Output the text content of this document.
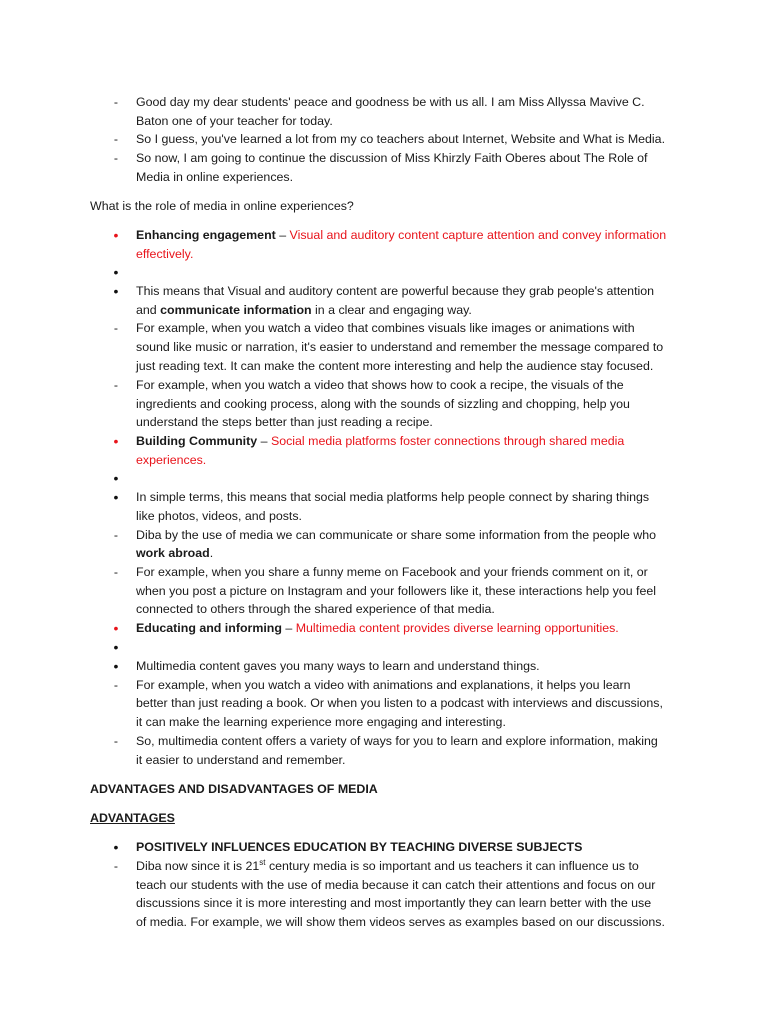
-	Good day my dear students' peace and goodness be with us all. I am Miss Allyssa Mavive C.
Baton one of your teacher for today.
-	So I guess, you've learned a lot from my co teachers about Internet, Website and What is Media.
-	So now, I am going to continue the discussion of Miss Khirzly Faith Oberes about The Role of
Media in online experiences.
What is the role of media in online experiences?
• Enhancing engagement – Visual and auditory content capture attention and convey information
effectively.
•
• This means that Visual and auditory content are powerful because they grab people's attention
and communicate information in a clear and engaging way.
-	For example, when you watch a video that combines visuals like images or animations with
sound like music or narration, it's easier to understand and remember the message compared to
just reading text. It can make the content more interesting and help the audience stay focused.
-	For example, when you watch a video that shows how to cook a recipe, the visuals of the
ingredients and cooking process, along with the sounds of sizzling and chopping, help you
understand the steps better than just reading a recipe.
• Building Community – Social media platforms foster connections through shared media
experiences.
•
• In simple terms, this means that social media platforms help people connect by sharing things
like photos, videos, and posts.
-	Diba by the use of media we can communicate or share some information from the people who
work abroad.
-	For example, when you share a funny meme on Facebook and your friends comment on it, or
when you post a picture on Instagram and your followers like it, these interactions help you feel
connected to others through the shared experience of that media.
• Educating and informing – Multimedia content provides diverse learning opportunities.
•
• Multimedia content gaves you many ways to learn and understand things.
-	For example, when you watch a video with animations and explanations, it helps you learn
better than just reading a book. Or when you listen to a podcast with interviews and discussions,
it can make the learning experience more engaging and interesting.
-	So, multimedia content offers a variety of ways for you to learn and explore information, making
it easier to understand and remember.
ADVANTAGES AND DISADVANTAGES OF MEDIA
ADVANTAGES
• POSITIVELY INFLUENCES EDUCATION BY TEACHING DIVERSE SUBJECTS
-	Diba now since it is 21st century media is so important and us teachers it can influence us to
teach our students with the use of media because it can catch their attentions and focus on our
discussions since it is more interesting and most importantly they can learn better with the use
of media. For example, we will show them videos serves as examples based on our discussions.
